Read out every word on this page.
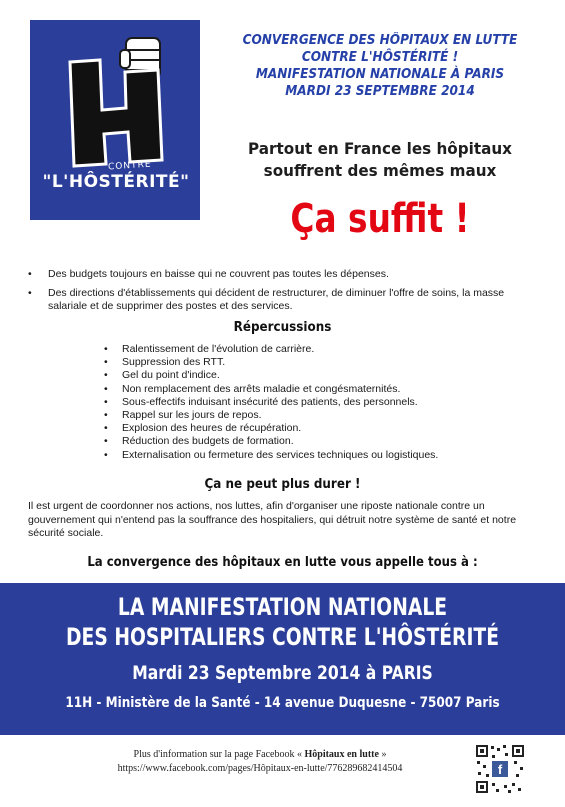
CONTRE
"L'HÔSTÉRITÉ"
CONVERGENCE DES HÔPITAUX EN LUTTE
CONTRE L'HÔSTÉRITÉ !
MANIFESTATION NATIONALE À PARIS
MARDI 23 SEPTEMBRE 2014
Partout en France les hôpitaux
souffrent des mêmes maux
Ça suffit !
• Des budgets toujours en baisse qui ne couvrent pas toutes les dépenses.
• Des directions d'établissements qui décident de restructurer, de diminuer l'offre de soins, la masse salariale et de supprimer des postes et des services.
Répercussions
• Ralentissement de l'évolution de carrière.
• Suppression des RTT.
• Gel du point d'indice.
• Non remplacement des arrêts maladie et congésmaternités.
• Sous-effectifs induisant insécurité des patients, des personnels.
• Rappel sur les jours de repos.
• Explosion des heures de récupération.
• Réduction des budgets de formation.
• Externalisation ou fermeture des services techniques ou logistiques.
Ça ne peut plus durer !

Il est urgent de coordonner nos actions, nos luttes, afin d'organiser une riposte nationale contre un gouvernement qui n'entend pas la souffrance des hospitaliers, qui détruit notre système de santé et notre sécurité sociale.

La convergence des hôpitaux en lutte vous appelle tous à :
LA MANIFESTATION NATIONALE
DES HOSPITALIERS CONTRE L'HÔSTÉRITÉ
Mardi 23 Septembre 2014 à PARIS
11H - Ministère de la Santé - 14 avenue Duquesne - 75007 Paris
Plus d'information sur la page Facebook « Hôpitaux en lutte »
https://www.facebook.com/pages/Hôpitaux-en-lutte/776289682414504	f
